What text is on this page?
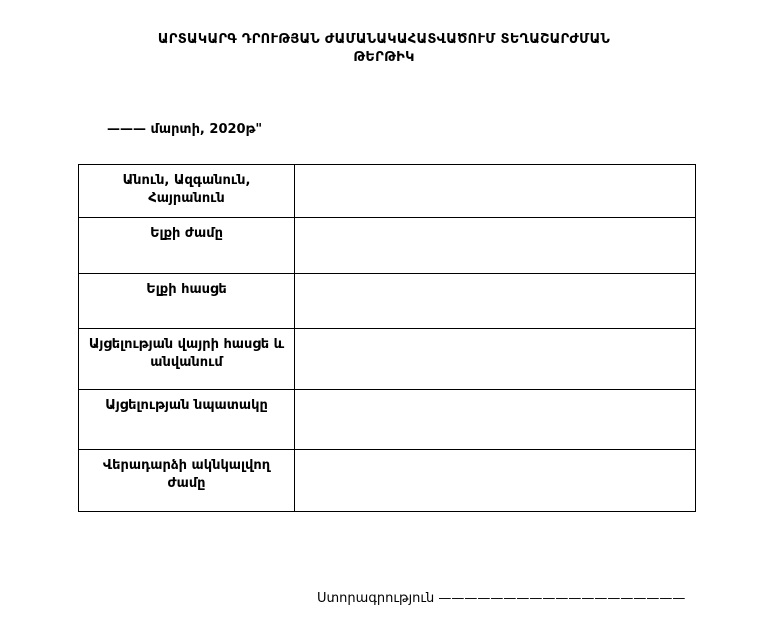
ԱՐՏԱԿԱՐԳ ԴՐՈՒԹՅԱՆ ԺԱՄԱՆԱԿԱՀԱՏՎԱԾՈՒՄ ՏԵՂԱՇԱՐԺՄԱՆ
ԹԵՐԹԻԿ
——— մարտի, 2020թ"
Անուն, Ազգանուն, Հայրանուն	
Ելքի ժամը	
Ելքի հասցե	
Այցելության վայրի հասցե և անվանում	
Այցելության նպատակը	
Վերադարձի ակնկալվող ժամը	
Ստորագրություն ———————————————————
